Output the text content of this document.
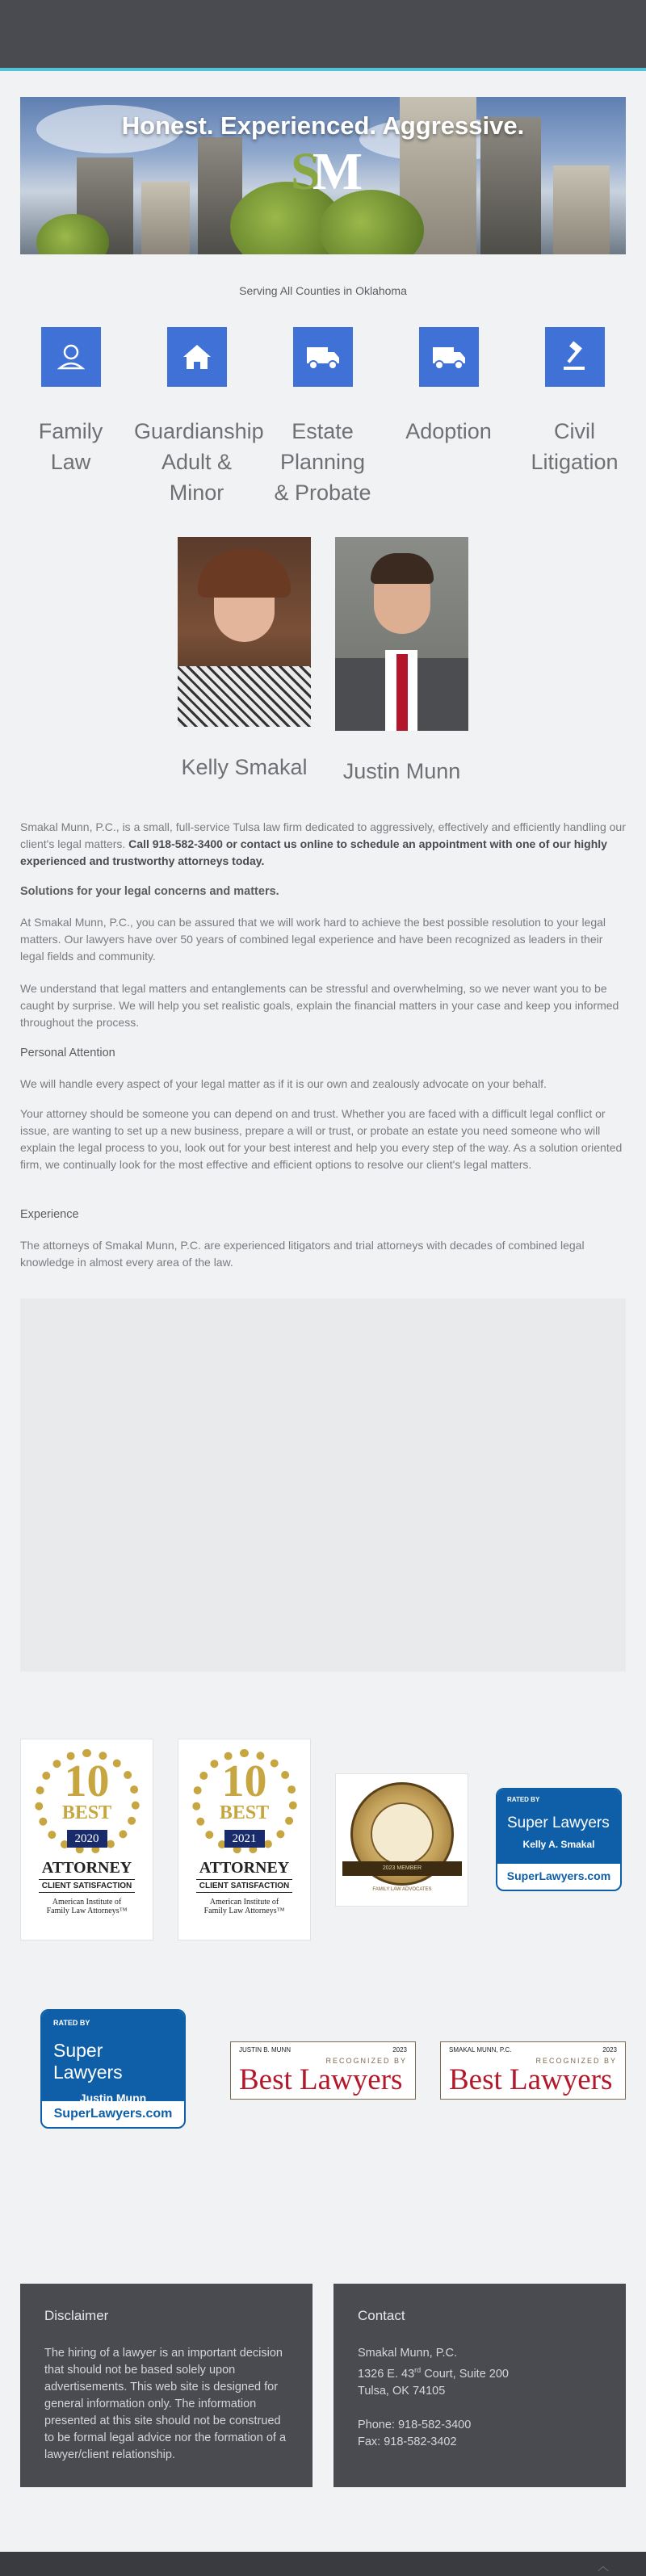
Honest. Experienced. Aggressive.
SM
Serving All Counties in Oklahoma
Family
Law
Guardianship
Adult &
Minor
Estate
Planning
& Probate
Adoption	Civil
Litigation
Kelly Smakal	Justin Munn
Smakal Munn, P.C., is a small, full-service Tulsa law firm dedicated to aggressively, effectively and efficiently handling our client's legal matters. Call 918-582-3400 or contact us online to schedule an appointment with one of our highly experienced and trustworthy attorneys today.
Solutions for your legal concerns and matters.
At Smakal Munn, P.C., you can be assured that we will work hard to achieve the best possible resolution to your legal matters. Our lawyers have over 50 years of combined legal experience and have been recognized as leaders in their legal fields and community.
We understand that legal matters and entanglements can be stressful and overwhelming, so we never want you to be caught by surprise. We will help you set realistic goals, explain the financial matters in your case and keep you informed throughout the process.
Personal Attention
We will handle every aspect of your legal matter as if it is our own and zealously advocate on your behalf.
Your attorney should be someone you can depend on and trust. Whether you are faced with a difficult legal conflict or issue, are wanting to set up a new business, prepare a will or trust, or probate an estate you need someone who will explain the legal process to you, look out for your best interest and help you every step of the way. As a solution oriented firm, we continually look for the most effective and efficient options to resolve our client's legal matters.
Experience
The attorneys of Smakal Munn, P.C. are experienced litigators and trial attorneys with decades of combined legal knowledge in almost every area of the law.
10
BEST
2020
ATTORNEY
CLIENT SATISFACTION
American Institute of
Family Law Attorneys™
10
BEST
2021
ATTORNEY
CLIENT SATISFACTION
American Institute of
Family Law Attorneys™
2023 MEMBER
FAMILY LAW ADVOCATES
RATED BY
Super Lawyers
Kelly A. Smakal
SuperLawyers.com
RATED BY
Super Lawyers
Justin Munn
SuperLawyers.com
JUSTIN B. MUNN	2023
RECOGNIZED BY
Best Lawyers
SMAKAL MUNN, P.C.	2023
RECOGNIZED BY
Best Lawyers
Disclaimer

The hiring of a lawyer is an important decision that should not be based solely upon advertisements. This web site is designed for general information only. The information presented at this site should not be construed to be formal legal advice nor the formation of a lawyer/client relationship.

Contact

Smakal Munn, P.C.

1326 E. 43rd Court, Suite 200

Tulsa, OK 74105

Phone: 918-582-3400

Fax: 918-582-3402

︿
